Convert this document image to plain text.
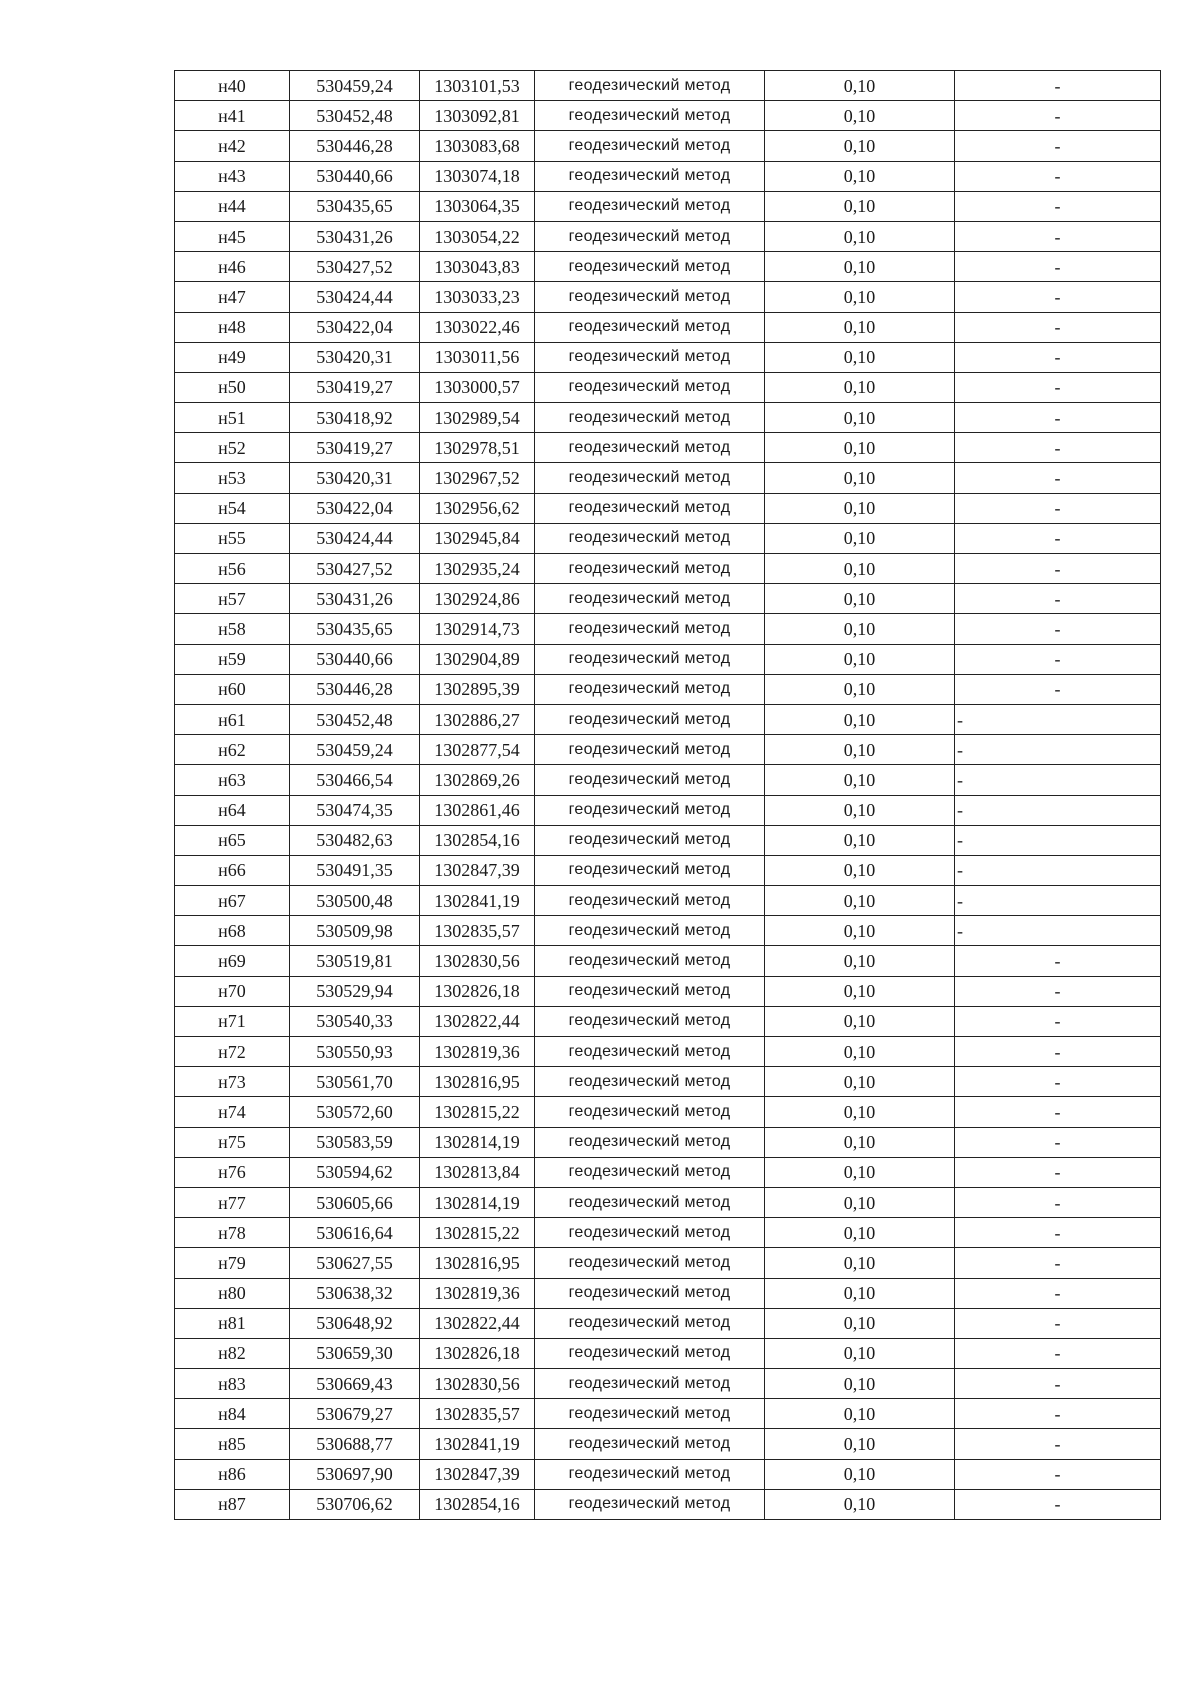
н40	530459,24	1303101,53	геодезический метод	0,10	-
н41	530452,48	1303092,81	геодезический метод	0,10	-
н42	530446,28	1303083,68	геодезический метод	0,10	-
н43	530440,66	1303074,18	геодезический метод	0,10	-
н44	530435,65	1303064,35	геодезический метод	0,10	-
н45	530431,26	1303054,22	геодезический метод	0,10	-
н46	530427,52	1303043,83	геодезический метод	0,10	-
н47	530424,44	1303033,23	геодезический метод	0,10	-
н48	530422,04	1303022,46	геодезический метод	0,10	-
н49	530420,31	1303011,56	геодезический метод	0,10	-
н50	530419,27	1303000,57	геодезический метод	0,10	-
н51	530418,92	1302989,54	геодезический метод	0,10	-
н52	530419,27	1302978,51	геодезический метод	0,10	-
н53	530420,31	1302967,52	геодезический метод	0,10	-
н54	530422,04	1302956,62	геодезический метод	0,10	-
н55	530424,44	1302945,84	геодезический метод	0,10	-
н56	530427,52	1302935,24	геодезический метод	0,10	-
н57	530431,26	1302924,86	геодезический метод	0,10	-
н58	530435,65	1302914,73	геодезический метод	0,10	-
н59	530440,66	1302904,89	геодезический метод	0,10	-
н60	530446,28	1302895,39	геодезический метод	0,10	-
н61	530452,48	1302886,27	геодезический метод	0,10	-
н62	530459,24	1302877,54	геодезический метод	0,10	-
н63	530466,54	1302869,26	геодезический метод	0,10	-
н64	530474,35	1302861,46	геодезический метод	0,10	-
н65	530482,63	1302854,16	геодезический метод	0,10	-
н66	530491,35	1302847,39	геодезический метод	0,10	-
н67	530500,48	1302841,19	геодезический метод	0,10	-
н68	530509,98	1302835,57	геодезический метод	0,10	-
н69	530519,81	1302830,56	геодезический метод	0,10	-
н70	530529,94	1302826,18	геодезический метод	0,10	-
н71	530540,33	1302822,44	геодезический метод	0,10	-
н72	530550,93	1302819,36	геодезический метод	0,10	-
н73	530561,70	1302816,95	геодезический метод	0,10	-
н74	530572,60	1302815,22	геодезический метод	0,10	-
н75	530583,59	1302814,19	геодезический метод	0,10	-
н76	530594,62	1302813,84	геодезический метод	0,10	-
н77	530605,66	1302814,19	геодезический метод	0,10	-
н78	530616,64	1302815,22	геодезический метод	0,10	-
н79	530627,55	1302816,95	геодезический метод	0,10	-
н80	530638,32	1302819,36	геодезический метод	0,10	-
н81	530648,92	1302822,44	геодезический метод	0,10	-
н82	530659,30	1302826,18	геодезический метод	0,10	-
н83	530669,43	1302830,56	геодезический метод	0,10	-
н84	530679,27	1302835,57	геодезический метод	0,10	-
н85	530688,77	1302841,19	геодезический метод	0,10	-
н86	530697,90	1302847,39	геодезический метод	0,10	-
н87	530706,62	1302854,16	геодезический метод	0,10	-
